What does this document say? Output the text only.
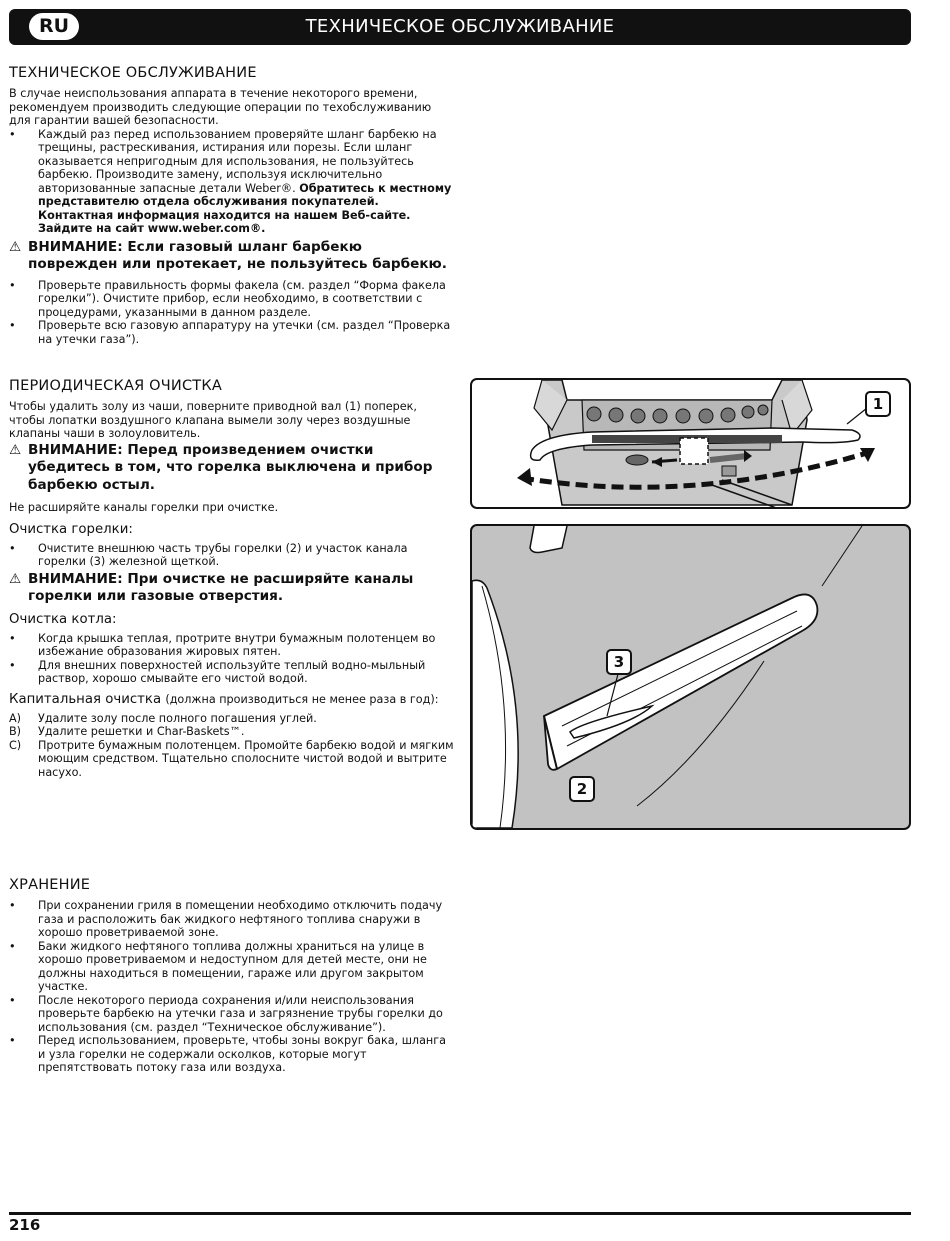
RU	ТЕХНИЧЕСКОЕ ОБСЛУЖИВАНИЕ
ТЕХНИЧЕСКОЕ ОБСЛУЖИВАНИЕ

В случае неиспользования аппарата в течение некоторого времени, рекомендуем производить следующие операции по техобслуживанию для гарантии вашей безопасности.

• Каждый раз перед использованием проверяйте шланг барбекю на трещины, растрескивания, истирания или порезы. Если шланг оказывается непригодным для использования, не пользуйтесь барбекю. Производите замену, используя исключительно авторизованные запасные детали Weber®. Обратитесь к местному представителю отдела обслуживания покупателей. Контактная информация находится на нашем Веб-сайте. Зайдите на сайт www.weber.com®.
⚠ ВНИМАНИЕ: Если газовый шланг барбекю поврежден или протекает, не пользуйтесь барбекю.
• Проверьте правильность формы факела (см. раздел “Форма факела горелки”). Очистите прибор, если необходимо, в соответствии с процедурами, указанными в данном разделе.
• Проверьте всю газовую аппаратуру на утечки (см. раздел “Проверка на утечки газа”).
ПЕРИОДИЧЕСКАЯ ОЧИСТКА

Чтобы удалить золу из чаши, поверните приводной вал (1) поперек, чтобы лопатки воздушного клапана вымели золу через воздушные клапаны чаши в золоуловитель.

⚠ ВНИМАНИЕ: Перед произведением очистки убедитесь в том, что горелка выключена и прибор барбекю остыл.

Не расширяйте каналы горелки при очистке.

Очистка горелки:
• Очистите внешнюю часть трубы горелки (2) и участок канала горелки (3) железной щеткой.
⚠ ВНИМАНИЕ: При очистке не расширяйте каналы горелки или газовые отверстия.
Очистка котла:
• Когда крышка теплая, протрите внутри бумажным полотенцем во избежание образования жировых пятен.
• Для внешних поверхностей используйте теплый водно-мыльный раствор, хорошо смывайте его чистой водой.
Капитальная очистка (должна производиться не менее раза в год):
A) Удалите золу после полного погашения углей.
B) Удалите решетки и Char-Baskets™.
C) Протрите бумажным полотенцем. Промойте барбекю водой и мягким моющим средством. Тщательно сполосните чистой водой и вытрите насухо.
ХРАНЕНИЕ
• При сохранении гриля в помещении необходимо отключить подачу газа и расположить бак жидкого нефтяного топлива снаружи в хорошо проветриваемой зоне.
• Баки жидкого нефтяного топлива должны храниться на улице в хорошо проветриваемом и недоступном для детей месте, они не должны находиться в помещении, гараже или другом закрытом участке.
• После некоторого периода сохранения и/или неиспользования проверьте барбекю на утечки газа и загрязнение трубы горелки до использования (см. раздел “Техническое обслуживание”).
• Перед использованием, проверьте, чтобы зоны вокруг бака, шланга и узла горелки не содержали осколков, которые могут препятствовать потоку газа или воздуха.
1
3
2
216
